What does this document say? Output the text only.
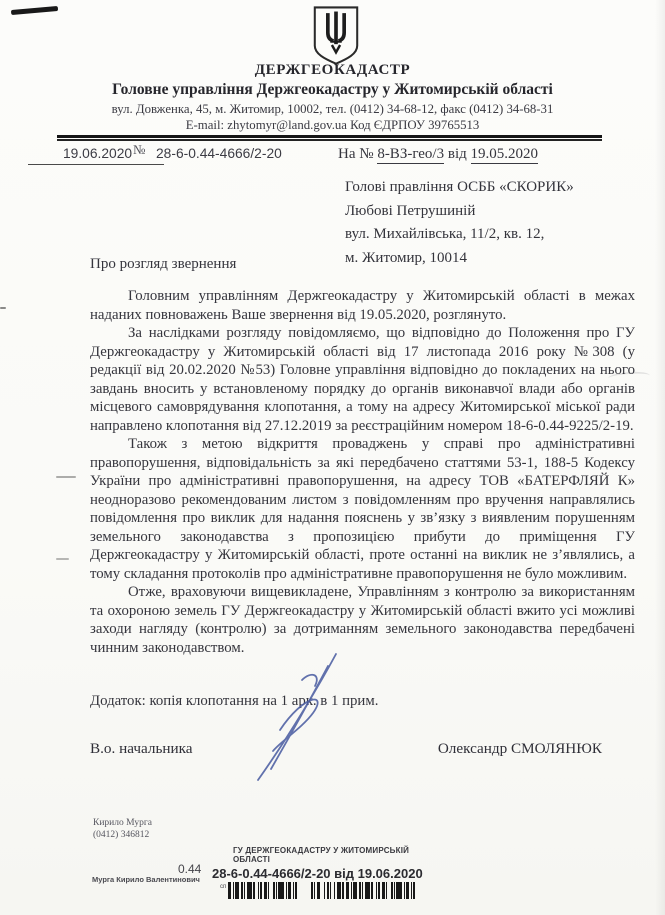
ДЕРЖГЕОКАДАСТР
Головне управління Держгеокадастру у Житомирській області
вул. Довженка, 45, м. Житомир, 10002, тел. (0412) 34-68-12, факс (0412) 34-68-31
E-mail: zhytomyr@land.gov.ua Код ЄДРПОУ 39765513
19.06.2020 № 28-6-0.44-4666/2-20	На № 8-ВЗ-гео/3 від 19.05.2020
Голові правління ОСББ «СКОРИК»
Любові Петрушиній
вул. Михайлівська, 11/2, кв. 12,
м. Житомир, 10014
Про розгляд звернення

Головним управлінням Держгеокадастру у Житомирській області в межах наданих повноважень Ваше звернення від 19.05.2020, розглянуто.

За наслідками розгляду повідомляємо, що відповідно до Положення про ГУ Держгеокадастру у Житомирській області від 17 листопада 2016 року №308 (у редакції від 20.02.2020 №53) Головне управління відповідно до покладених на нього завдань вносить у встановленому порядку до органів виконавчої влади або органів місцевого самоврядування клопотання, а тому на адресу Житомирської міської ради направлено клопотання від 27.12.2019 за реєстраційним номером 18-6-0.44-9225/2-19.

Також з метою відкриття проваджень у справі про адміністративні правопорушення, відповідальність за які передбачено статтями 53-1, 188-5 Кодексу України про адміністративні правопорушення, на адресу ТОВ «БАТЕРФЛЯЙ К» неодноразово рекомендованим листом з повідомленням про вручення направлялись повідомлення про виклик для надання пояснень у зв’язку з виявленим порушенням земельного законодавства з пропозицією прибути до приміщення ГУ Держгеокадастру у Житомирській області, проте останні на виклик не з’являлись, а тому складання протоколів про адміністративне правопорушення не було можливим.

Отже, враховуючи вищевикладене, Управлінням з контролю за використанням та охороною земель ГУ Держгеокадастру у Житомирській області вжито усі можливі заходи нагляду (контролю) за дотриманням земельного законодавства передбачені чинним законодавством.

Додаток: копія клопотання на 1 арк. в 1 прим.
В.о. начальника	Олександр СМОЛЯНЮК
Кирило Мурга
(0412) 346812
0.44
Мурга Кирило Валентинович
ГУ ДЕРЖГЕОКАДАСТРУ У ЖИТОМИРСЬКІЙ ОБЛАСТІ
28-6-0.44-4666/2-20 від 19.06.2020
сп
